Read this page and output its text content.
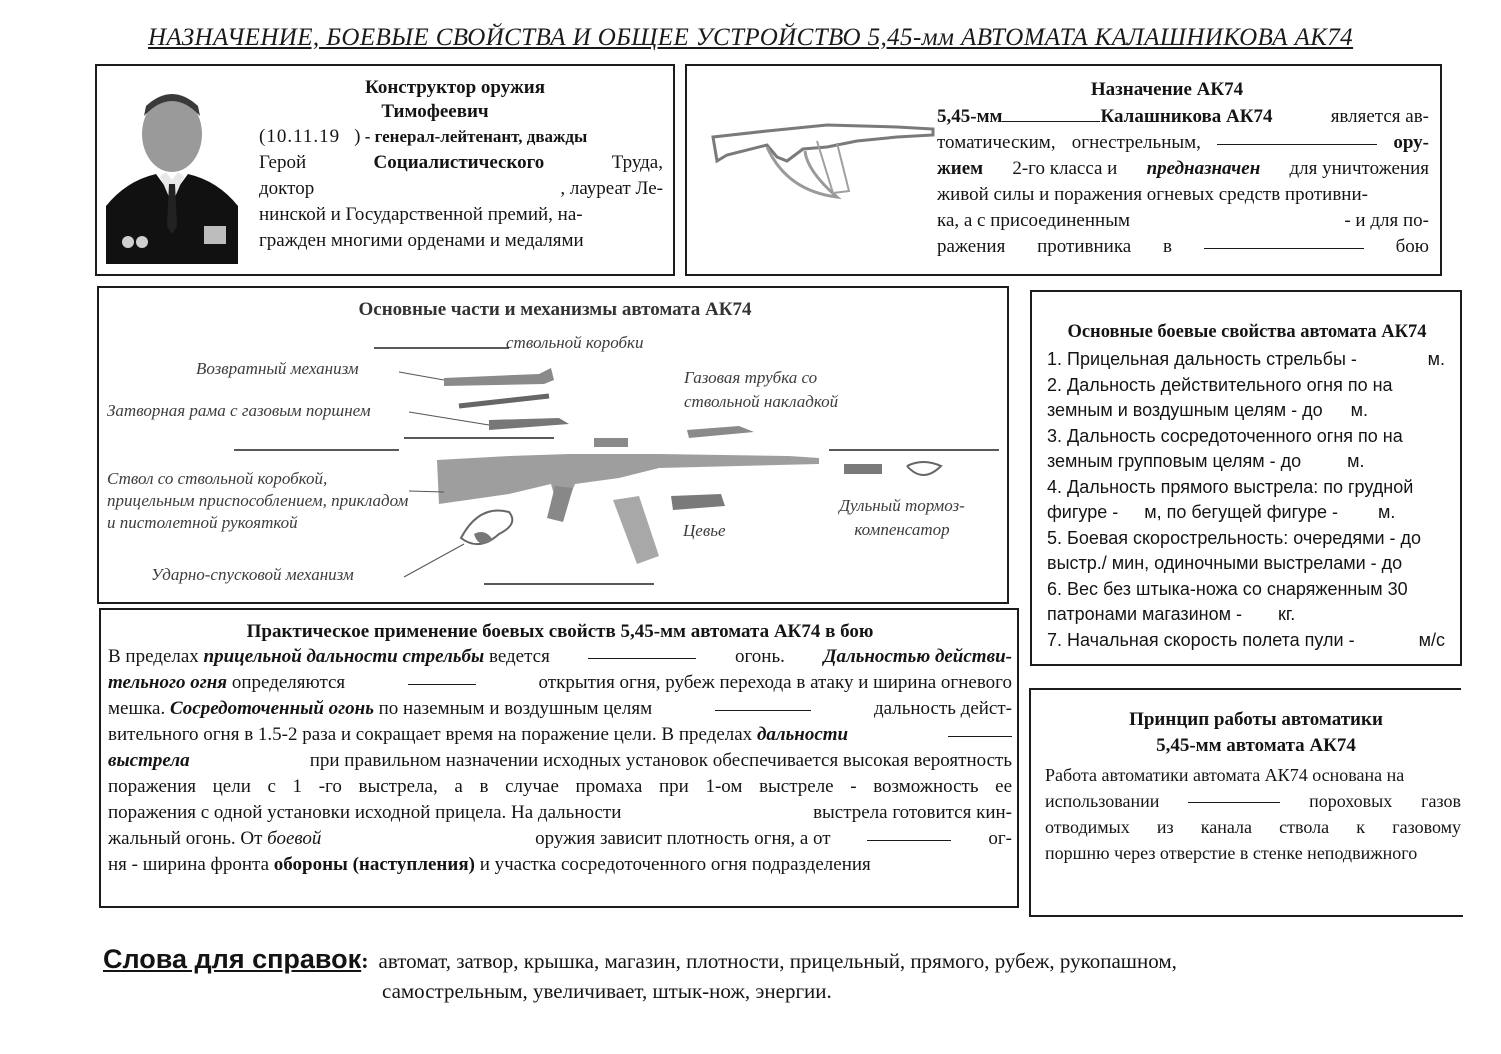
НАЗНАЧЕНИЕ, БОЕВЫЕ СВОЙСТВА И ОБЩЕЕ УСТРОЙСТВО 5,45-мм АВТОМАТА КАЛАШНИКОВА АК74
Конструктор оружия
Тимофеевич
(10.11.19 ) - генерал-лейтенант, дважды
Герой	Социалистического	Труда,
доктор	, лауреат Ле-
нинской и Государственной премий, на-
гражден многими орденами и медалями
Назначение АК74
5,45-мм	Калашникова АК74	является ав-
томатическим, огнестрельным,	ору-
жием 2-го класса и предназначен для уничтожения
живой силы и поражения огневых средств противни-
ка, а с присоединенным	- и для по-
ражения противника в	бою
Основные части и механизмы автомата АК74
ствольной коробки
Возвратный механизм
Затворная рама с газовым поршнем
Газовая трубка со ствольной накладкой
Ствол со ствольной коробкой, прицельным приспособлением, прикладом и пистолетной рукояткой	Цевье
Дульный тормоз-компенсатор
Ударно-спусковой механизм
Основные боевые свойства автомата АК74
1. Прицельная дальность стрельбы -	м.
2. Дальность действительного огня по на
земным и воздушным целям - до м.
3. Дальность сосредоточенного огня по на
земным групповым целям - до	м.
4. Дальность прямого выстрела: по грудной
фигуре - м, по бегущей фигуре - м.
5. Боевая скорострельность: очередями - до
выстр./ мин, одиночными выстрелами - до
6. Вес без штыка-ножа со снаряженным 30
патронами магазином - кг.
7. Начальная скорость полета пули -	м/с
Практическое применение боевых свойств 5,45-мм автомата АК74 в бою
В пределах прицельной дальности стрельбы ведется	огонь. Дальностью действи-
тельного огня определяются	открытия огня, рубеж перехода в атаку и ширина огневого
мешка. Сосредоточенный огонь по наземным и воздушным целям	дальность дейст-
вительного огня в 1.5-2 раза и сокращает время на поражение цели. В пределах дальности
выстрела	при правильном назначении исходных установок обеспечивается высокая вероятность
поражения цели с 1 -го выстрела, а в случае промаха при 1-ом выстреле - возможность ее
поражения с одной установки исходной прицела. На дальности	выстрела готовится кин-
жальный огонь. От боевой	оружия зависит плотность огня, а от	ог-
ня - ширина фронта обороны (наступления) и участка сосредоточенного огня подразделения
Принцип работы автоматики
5,45-мм автомата АК74
Работа автоматики автомата АК74 основана на
использовании	пороховых газов
отводимых из канала ствола к газовому
поршню через отверстие в стенке неподвижного
Слова для справок: автомат, затвор, крышка, магазин, плотности, прицельный, прямого, рубеж, рукопашном,
самострельным, увеличивает, штык-нож, энергии.
